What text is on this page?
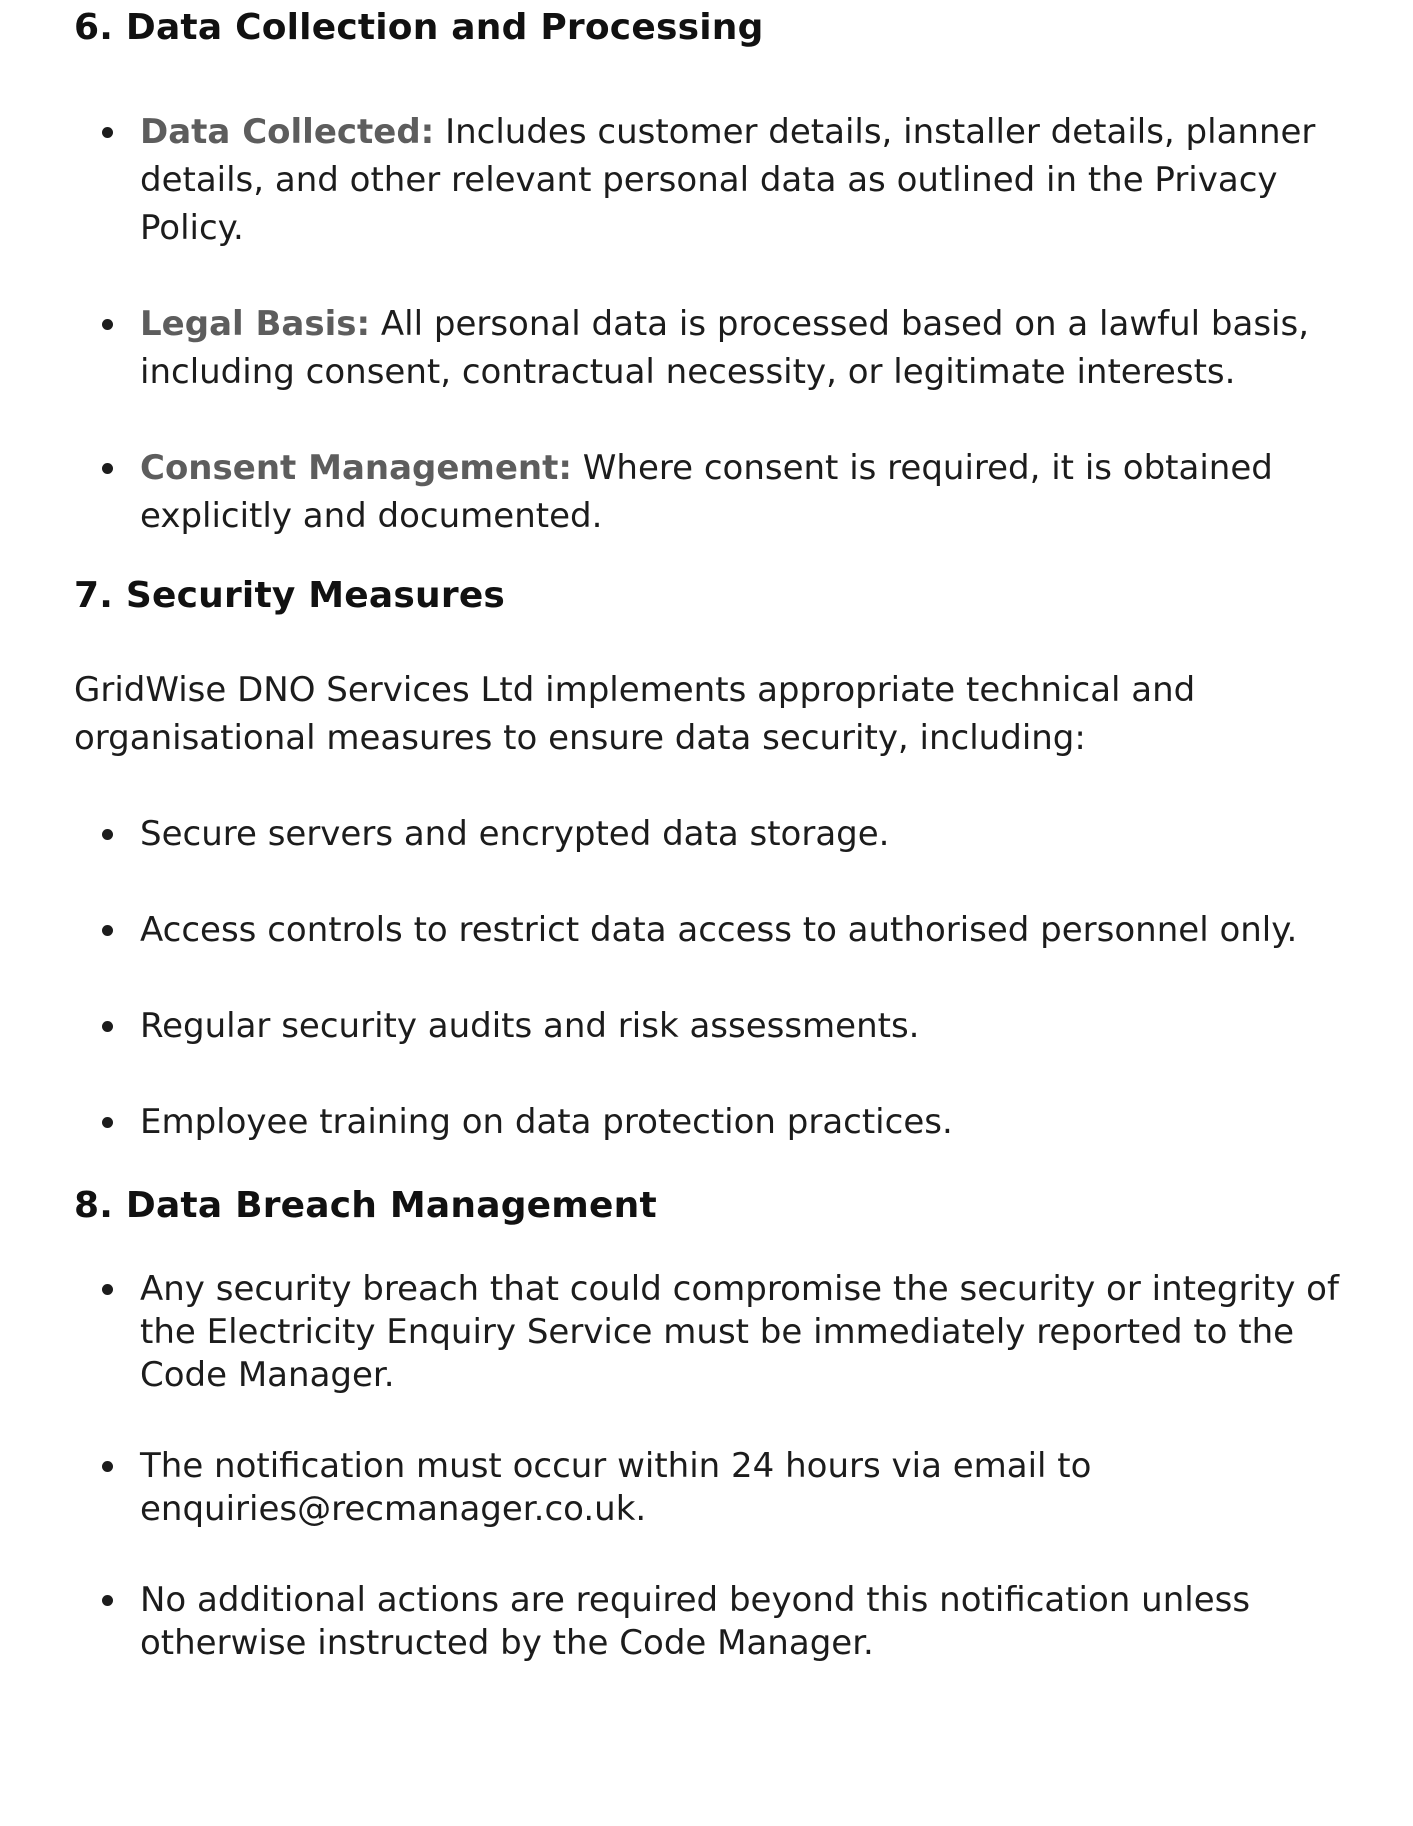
6. Data Collection and Processing
Data Collected: Includes customer details, installer details, planner details, and other relevant personal data as outlined in the Privacy Policy.
Legal Basis: All personal data is processed based on a lawful basis, including consent, contractual necessity, or legitimate interests.
Consent Management: Where consent is required, it is obtained explicitly and documented.
7. Security Measures

GridWise DNO Services Ltd implements appropriate technical and organisational measures to ensure data security, including:

Secure servers and encrypted data storage.
Access controls to restrict data access to authorised personnel only.
Regular security audits and risk assessments.
Employee training on data protection practices.
8. Data Breach Management
Any security breach that could compromise the security or integrity of the Electricity Enquiry Service must be immediately reported to the Code Manager.
The notification must occur within 24 hours via email to enquiries@recmanager.co.uk.
No additional actions are required beyond this notification unless otherwise instructed by the Code Manager.
